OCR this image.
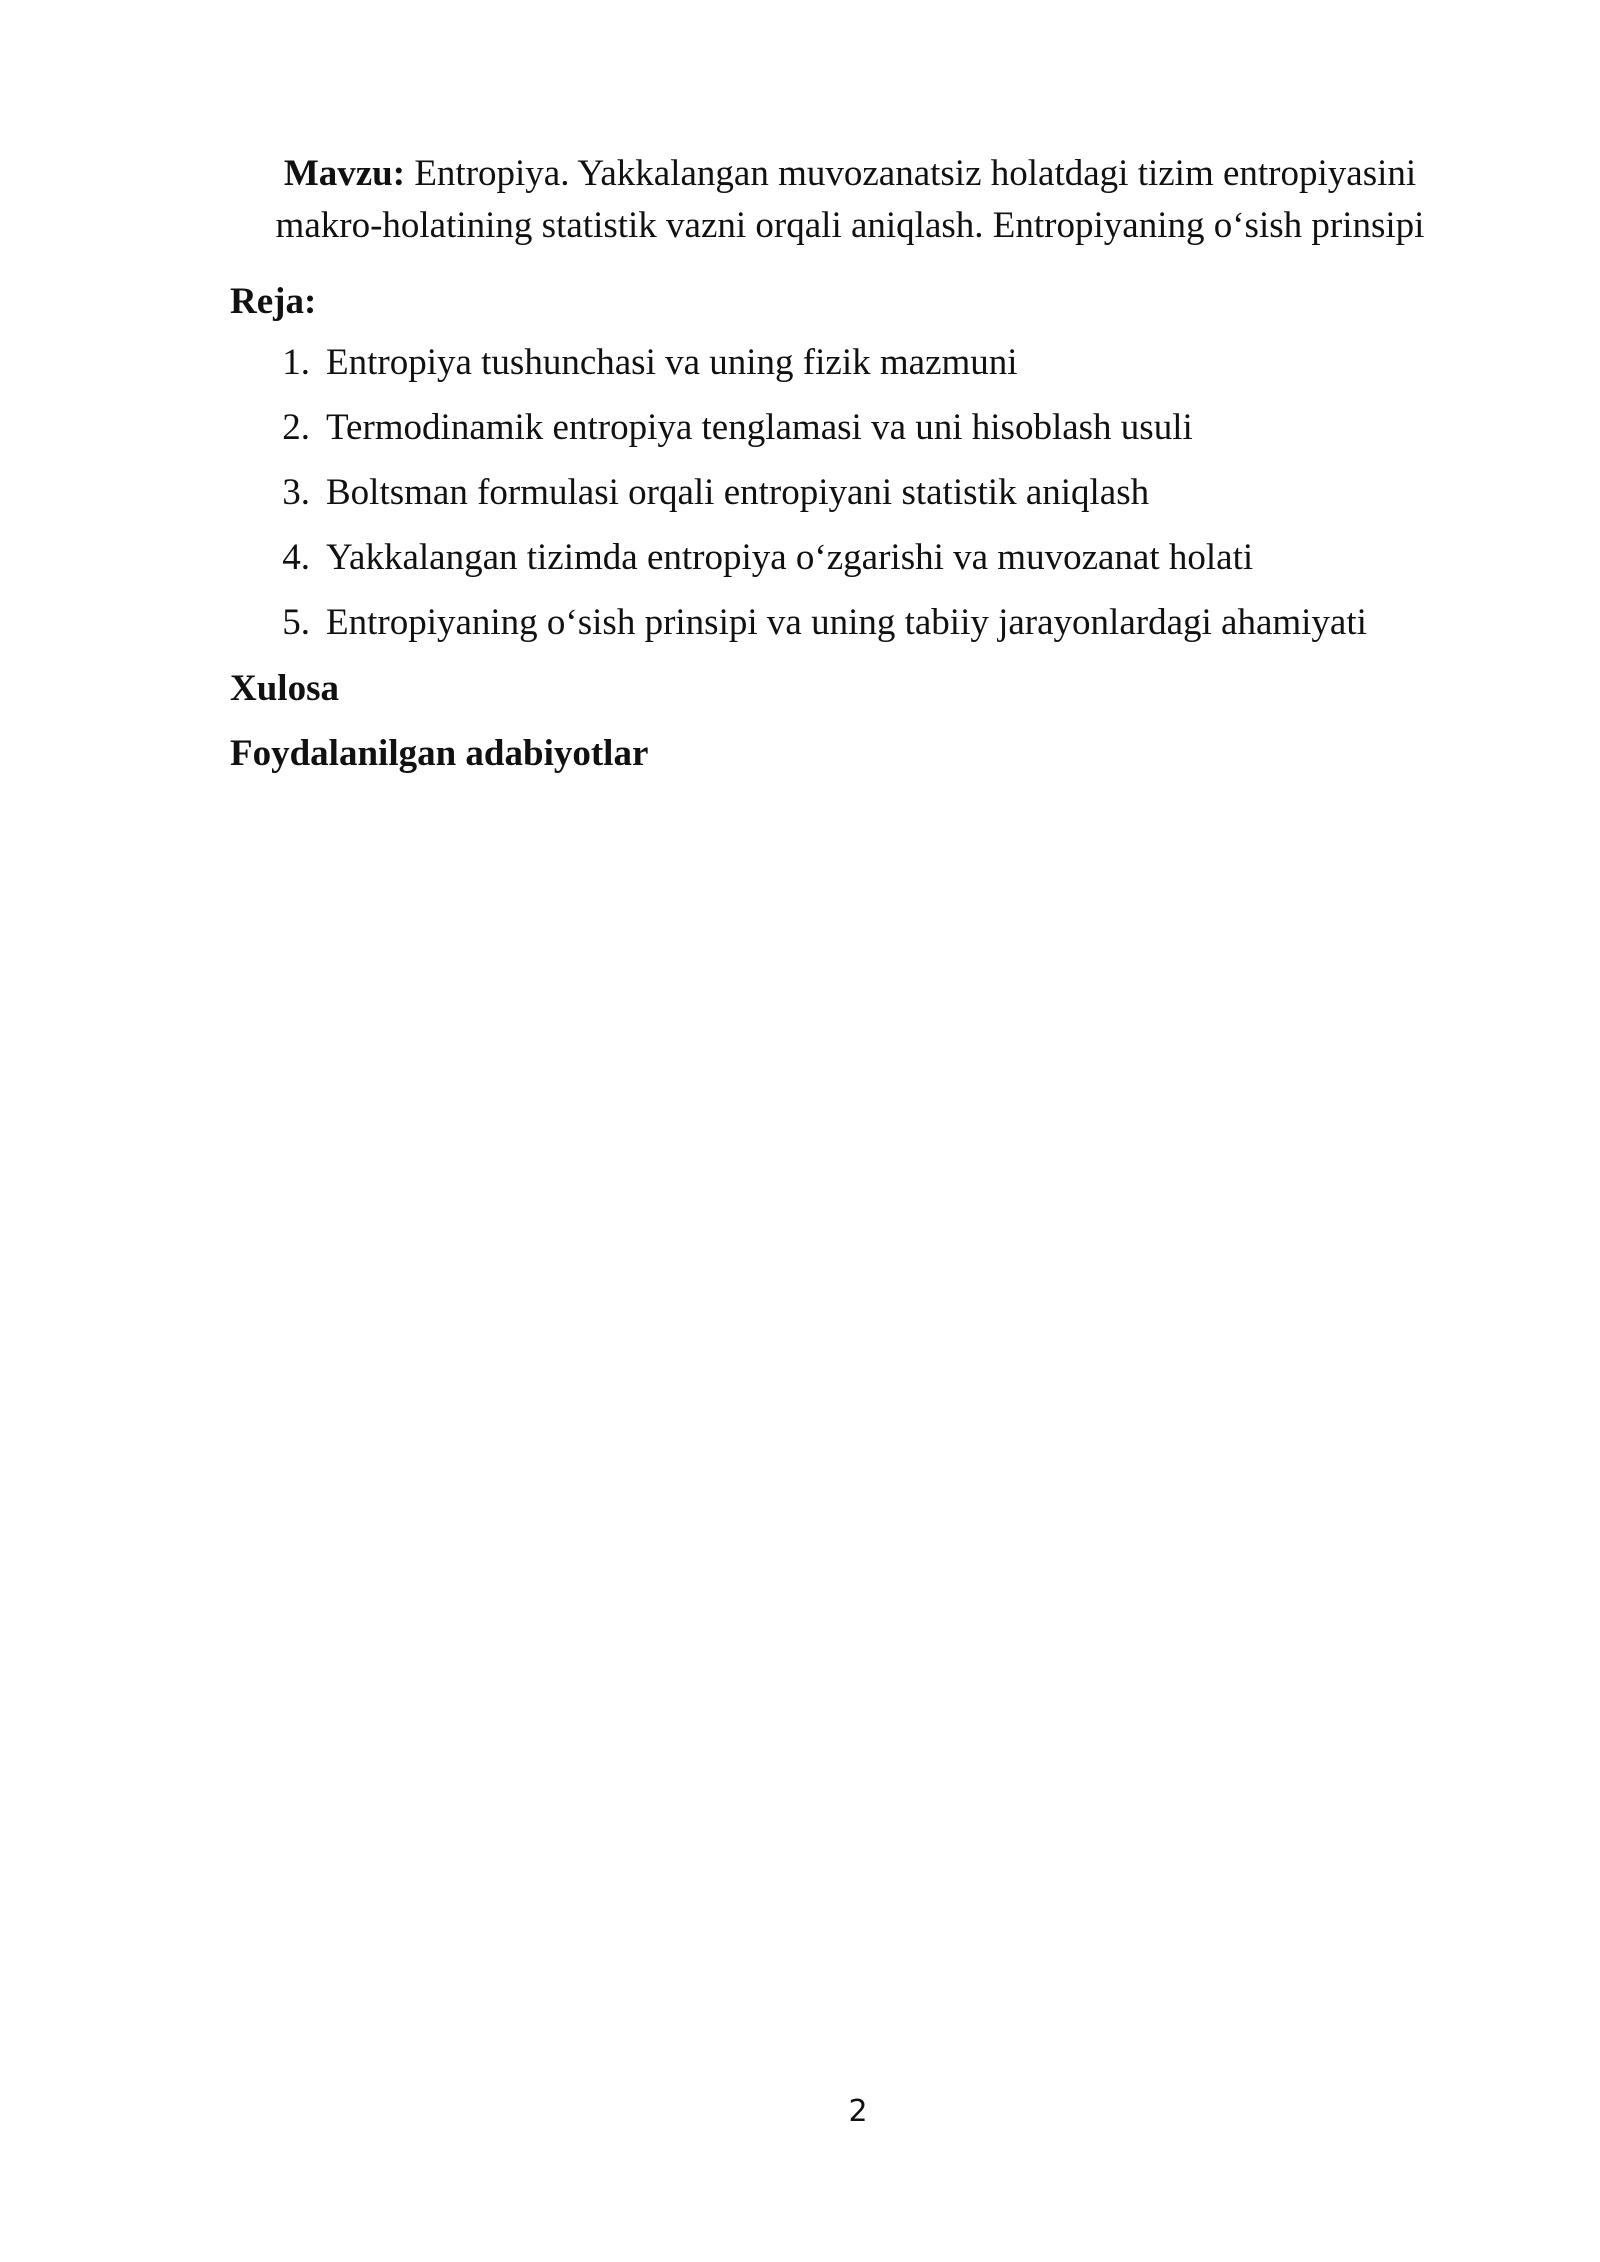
Mavzu: Entropiya. Yakkalangan muvozanatsiz holatdagi tizim entropiyasini
makro-holatining statistik vazni orqali aniqlash. Entropiyaning o‘sish prinsipi
Reja:
1. Entropiya tushunchasi va uning fizik mazmuni
2. Termodinamik entropiya tenglamasi va uni hisoblash usuli
3. Boltsman formulasi orqali entropiyani statistik aniqlash
4. Yakkalangan tizimda entropiya o‘zgarishi va muvozanat holati
5. Entropiyaning o‘sish prinsipi va uning tabiiy jarayonlardagi ahamiyati
Xulosa
Foydalanilgan adabiyotlar
2
